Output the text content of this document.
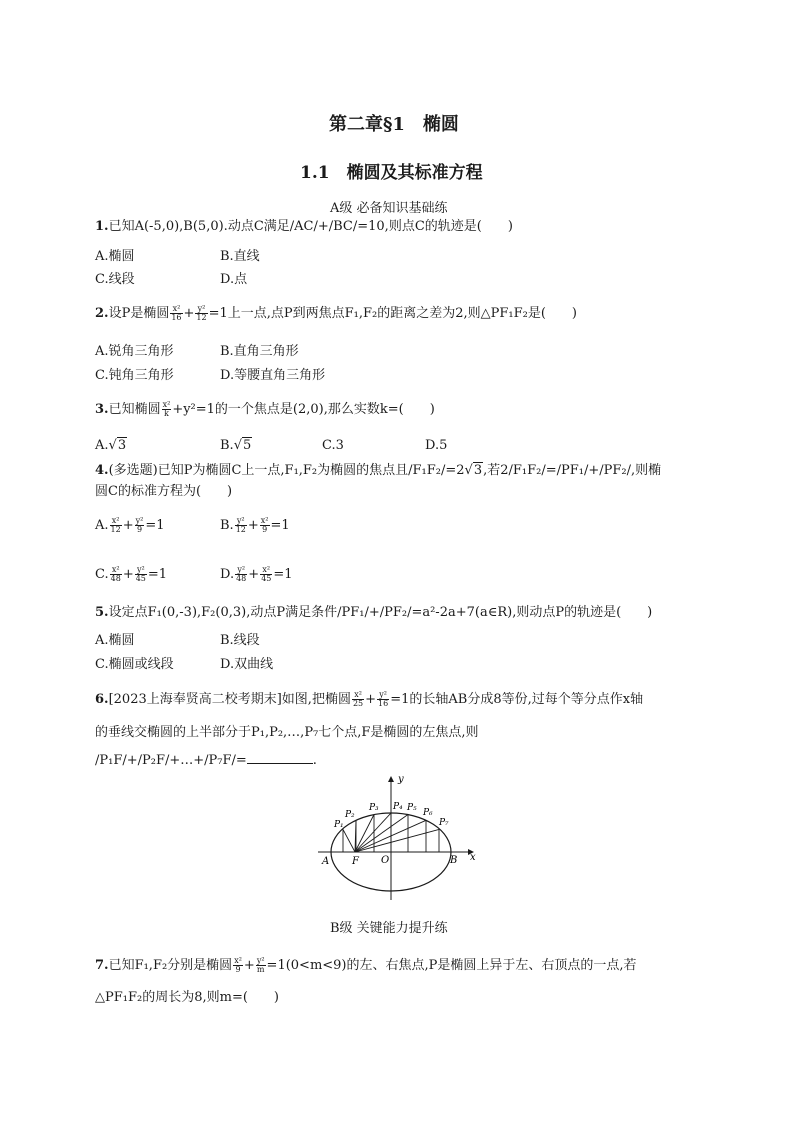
第二章§1　椭圆
1.1　椭圆及其标准方程
A级 必备知识基础练
1.已知A(-5,0),B(5,0).动点C满足/AC/+/BC/=10,则点C的轨迹是(　　)
A.椭圆	B.直线
C.线段	D.点
2.设P是椭圆 $\frac{\text{x²}}{16} + \frac{\text{y²}}{12} =1$上一点,点P到两焦点F₁,F₂的距离之差为2,则△PF₁F₂是(　　)
A.锐角三角形	B.直角三角形
C.钝角三角形	D.等腰直角三角形
3.已知椭圆 $\frac{\text{x²}}{k} +y^2=1$的一个焦点是(2,0),那么实数k=(　　)
A.√3	B.√5	C.3	D.5
4.(多选题)已知P为椭圆C上一点,F₁,F₂为椭圆的焦点且/F₁F₂/=2√3,若2/F₁F₂/=/PF₁/+/PF₂/,则椭
圆C的标准方程为(　　)
A. $\frac{\text{x²}}{12} + \frac{\text{y²}}{9} =1$	B. $\frac{\text{y²}}{12} + \frac{\text{x²}}{9} =1$
C. $\frac{\text{x²}}{48} + \frac{\text{y²}}{45} =1$	D. $\frac{\text{y²}}{48} + \frac{\text{x²}}{45} =1$
5.设定点F₁(0,-3),F₂(0,3),动点P满足条件/PF₁/+/PF₂/=a²-2a+7(a∈R),则动点P的轨迹是(　　)
A.椭圆	B.线段
C.椭圆或线段	D.双曲线
6.[2023上海奉贤高二校考期末]如图,把椭圆 $\frac{\text{x²}}{25} + \frac{\text{y²}}{16} =1$的长轴AB分成8等份,过每个等分点作x轴
的垂线交椭圆的上半部分于P₁,P₂,…,P₇七个点,F是椭圆的左焦点,则
/P₁F/+/P₂F/+…+/P₇F/=	.
y
x
A F O	B
P₁
P₂
P₃ P₄ P₅ P₆
P₇
B级 关键能力提升练
7.已知F₁,F₂分别是椭圆 $\frac{\text{x²}}{9} + \frac{\text{y²}}{m} =1(0<m<9)$的左、右焦点,P是椭圆上异于左、右顶点的一点,若
△PF₁F₂的周长为8,则m=(　　)
